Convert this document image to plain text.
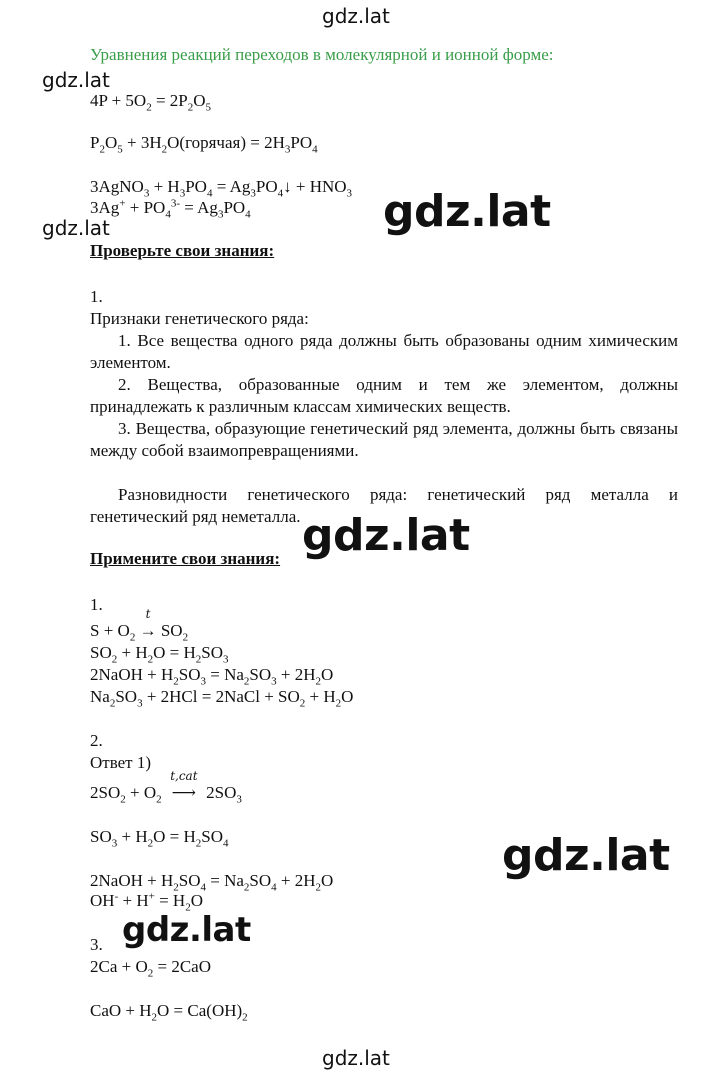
gdz.lat
gdz.lat
gdz.lat	gdz.lat
gdz.lat
gdz.lat
gdz.lat
gdz.lat
Уравнения реакций переходов в молекулярной и ионной форме:
$4P + 5O_2 = 2P_2O_5$
$P_2O_5$ + $3H_2O(горячая) = 2H_3PO_4$
3AgNO$_3$ + $H_3PO_4$ = $Ag_3PO_4↓ + HNO_3$
$3Ag^+ + PO_4^{3-} = Ag_3PO_4$
Проверьте свои знания:
1.
Признаки генетического ряда:
1. Все вещества одного ряда должны быть образованы одним химическим элементом.
2. Вещества, образованные одним и тем же элементом, должны принадлежать к различным классам химических веществ.
3. Вещества, образующие генетический ряд элемента, должны быть связаны между собой взаимопревращениями.
Разновидности генетического ряда: генетический ряд металла и генетический ряд неметалла.
Примените свои знания:
1.
$S + O_2$
t
→ $SO_2$
$SO_2 + H_2O = H_2SO_3$
2NaOH + $H_2SO_3 = Na_2SO_3 + 2H_2O$
$Na_2SO_3 + 2HCl$ = 2NaCl + $SO_2 + H_2O$
2.
Ответ 1)
$2SO_2 + O_2$
t,cat
⟶ $2SO_3$
$SO_3 + H_2O = H_2SO_4$
2NaOH + $H_2SO_4 = Na_2SO_4 + 2H_2O$
$OH^- + H^+ = H_2O$
3.
$2Ca + O_2 = 2CaO$
CaO + $H_2O = Ca(OH)_2$
